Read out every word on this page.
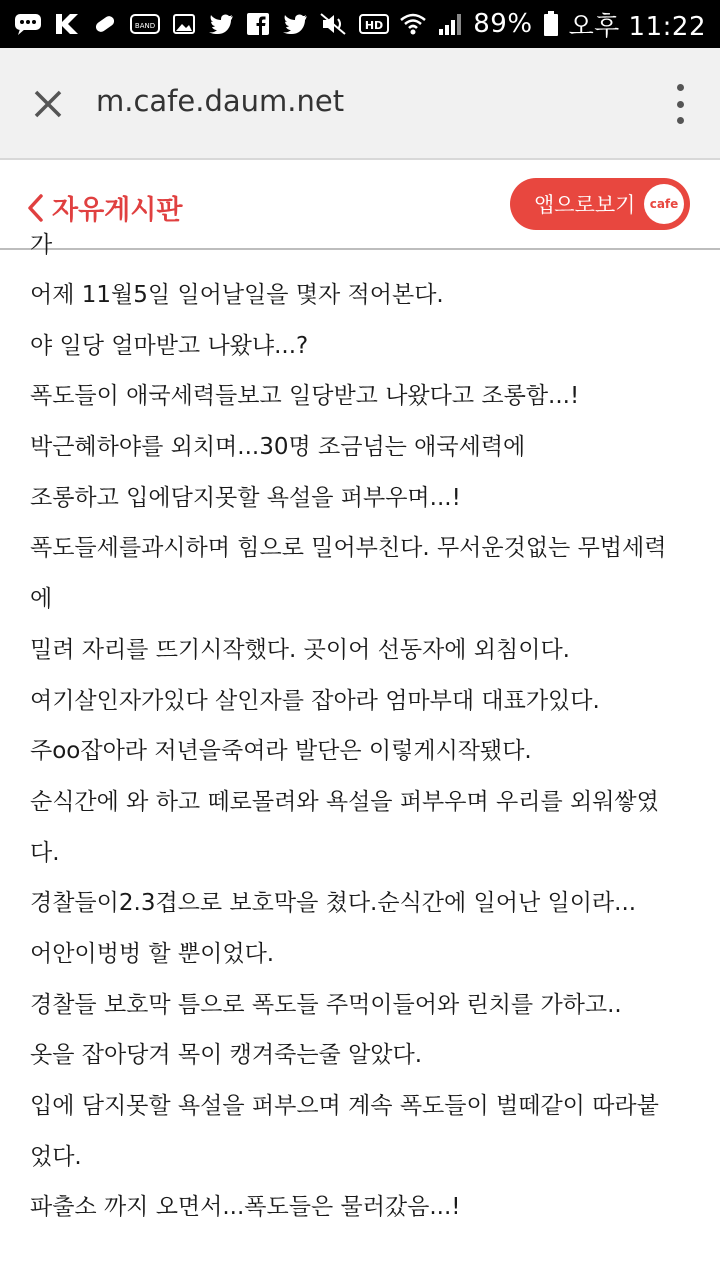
BAND	HD	89% 오후 11:22
m.cafe.daum.net
자유게시판	앱으로보기	cafe
가
어제 11월5일 일어날일을 몇자 적어본다.
야 일당 얼마받고 나왔냐...?
폭도들이 애국세력들보고 일당받고 나왔다고 조롱함...!
박근혜하야를 외치며...30명 조금넘는 애국세력에
조롱하고 입에담지못할 욕설을 퍼부우며...!
폭도들세를과시하며 힘으로 밀어부친다. 무서운것없는 무법세력
에
밀려 자리를 뜨기시작했다. 곳이어 선동자에 외침이다.
여기살인자가있다 살인자를 잡아라 엄마부대 대표가있다.
주oo잡아라 저년을죽여라 발단은 이렇게시작됐다.
순식간에 와 하고 떼로몰려와 욕설을 퍼부우며 우리를 외워쌓였
다.
경찰들이2.3겹으로 보호막을 쳤다.순식간에 일어난 일이라...
어안이벙벙 할 뿐이었다.
경찰들 보호막 틈으로 폭도들 주먹이들어와 린치를 가하고..
옷을 잡아당겨 목이 캥겨죽는줄 알았다.
입에 담지못할 욕설을 퍼부으며 계속 폭도들이 벌떼같이 따라붙
었다.
파출소 까지 오면서...폭도들은 물러갔음...!
